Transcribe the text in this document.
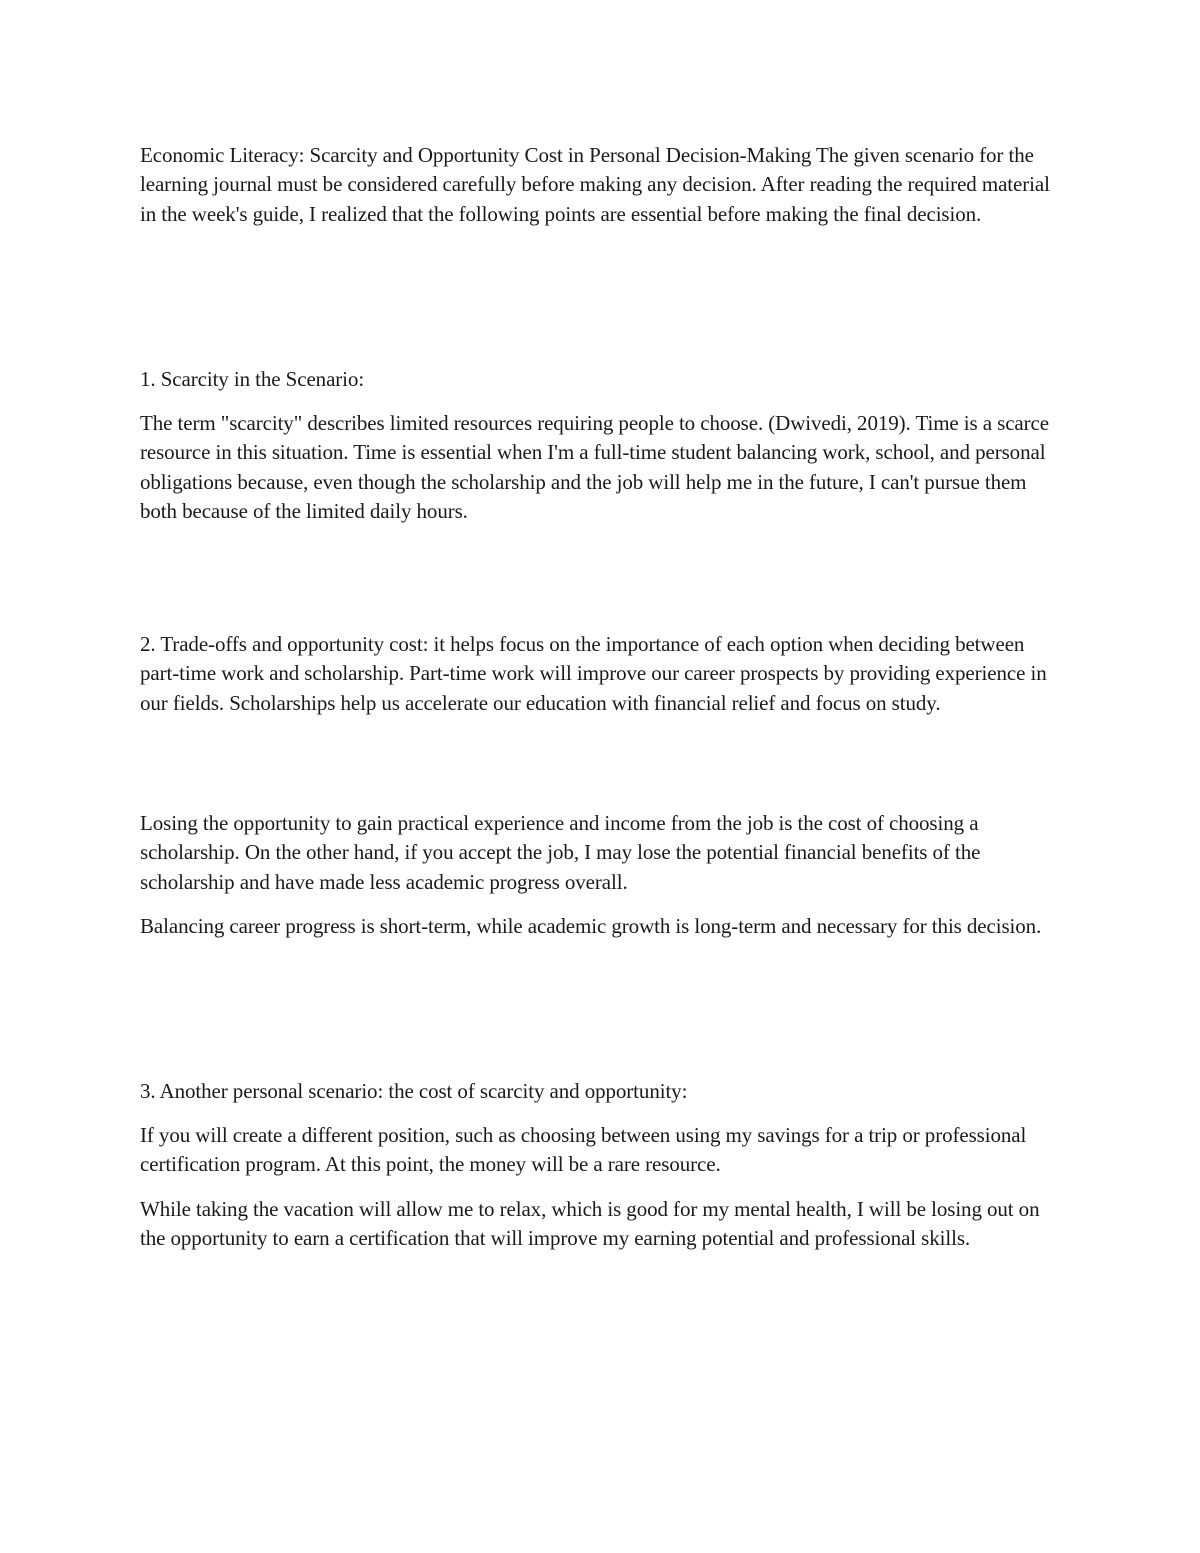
Economic Literacy: Scarcity and Opportunity Cost in Personal Decision-Making The given scenario for the learning journal must be considered carefully before making any decision. After reading the required material in the week's guide, I realized that the following points are essential before making the final decision.

1. Scarcity in the Scenario:

The term "scarcity" describes limited resources requiring people to choose. (Dwivedi, 2019). Time is a scarce resource in this situation. Time is essential when I'm a full-time student balancing work, school, and personal obligations because, even though the scholarship and the job will help me in the future, I can't pursue them both because of the limited daily hours.

2. Trade-offs and opportunity cost: it helps focus on the importance of each option when deciding between part-time work and scholarship. Part-time work will improve our career prospects by providing experience in our fields. Scholarships help us accelerate our education with financial relief and focus on study.

Losing the opportunity to gain practical experience and income from the job is the cost of choosing a scholarship. On the other hand, if you accept the job, I may lose the potential financial benefits of the scholarship and have made less academic progress overall.

Balancing career progress is short-term, while academic growth is long-term and necessary for this decision.

3. Another personal scenario: the cost of scarcity and opportunity:

If you will create a different position, such as choosing between using my savings for a trip or professional certification program. At this point, the money will be a rare resource.

While taking the vacation will allow me to relax, which is good for my mental health, I will be losing out on the opportunity to earn a certification that will improve my earning potential and professional skills.
